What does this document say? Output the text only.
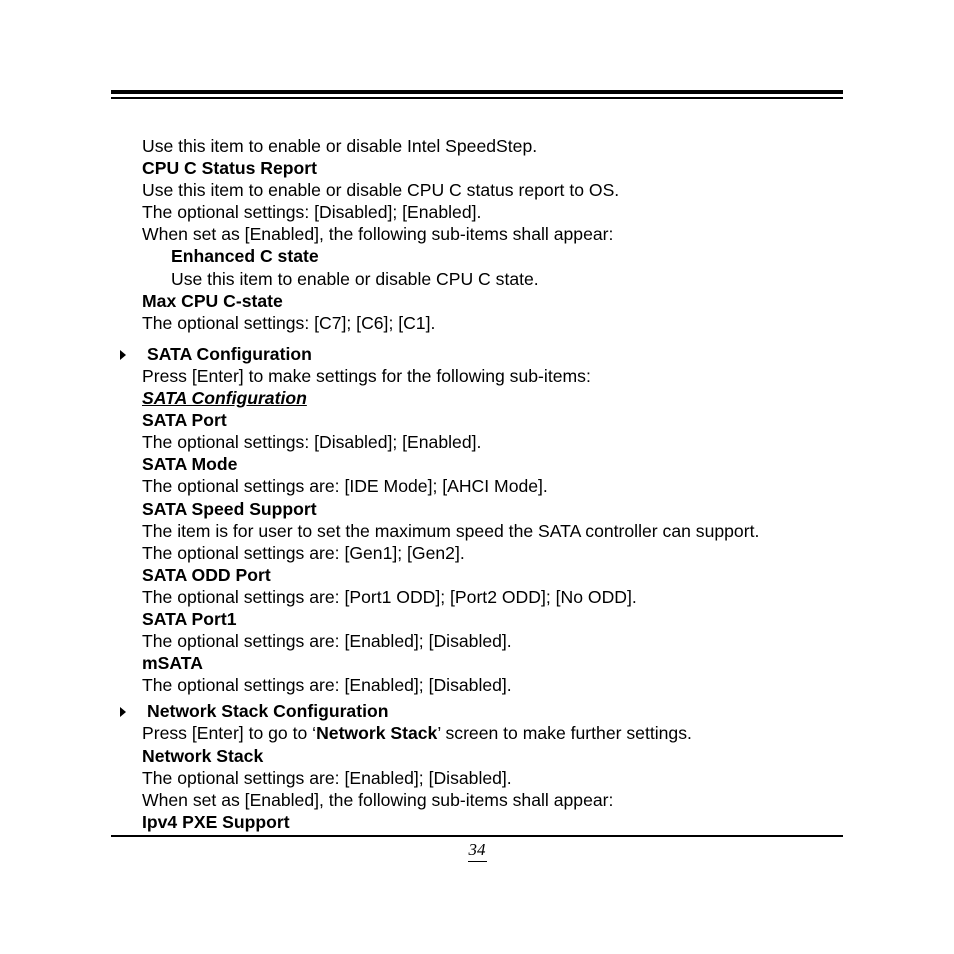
Use this item to enable or disable Intel SpeedStep.
CPU C Status Report
Use this item to enable or disable CPU C status report to OS.
The optional settings: [Disabled]; [Enabled].
When set as [Enabled], the following sub-items shall appear:
Enhanced C state
Use this item to enable or disable CPU C state.
Max CPU C-state
The optional settings: [C7]; [C6]; [C1].
SATA Configuration
Press [Enter] to make settings for the following sub-items:
SATA Configuration
SATA Port
The optional settings: [Disabled]; [Enabled].
SATA Mode
The optional settings are: [IDE Mode]; [AHCI Mode].
SATA Speed Support
The item is for user to set the maximum speed the SATA controller can support.
The optional settings are: [Gen1]; [Gen2].
SATA ODD Port
The optional settings are: [Port1 ODD]; [Port2 ODD]; [No ODD].
SATA Port1
The optional settings are: [Enabled]; [Disabled].
mSATA
The optional settings are: [Enabled]; [Disabled].
Network Stack Configuration
Press [Enter] to go to ‘Network Stack’ screen to make further settings.
Network Stack
The optional settings are: [Enabled]; [Disabled].
When set as [Enabled], the following sub-items shall appear:
Ipv4 PXE Support
34
